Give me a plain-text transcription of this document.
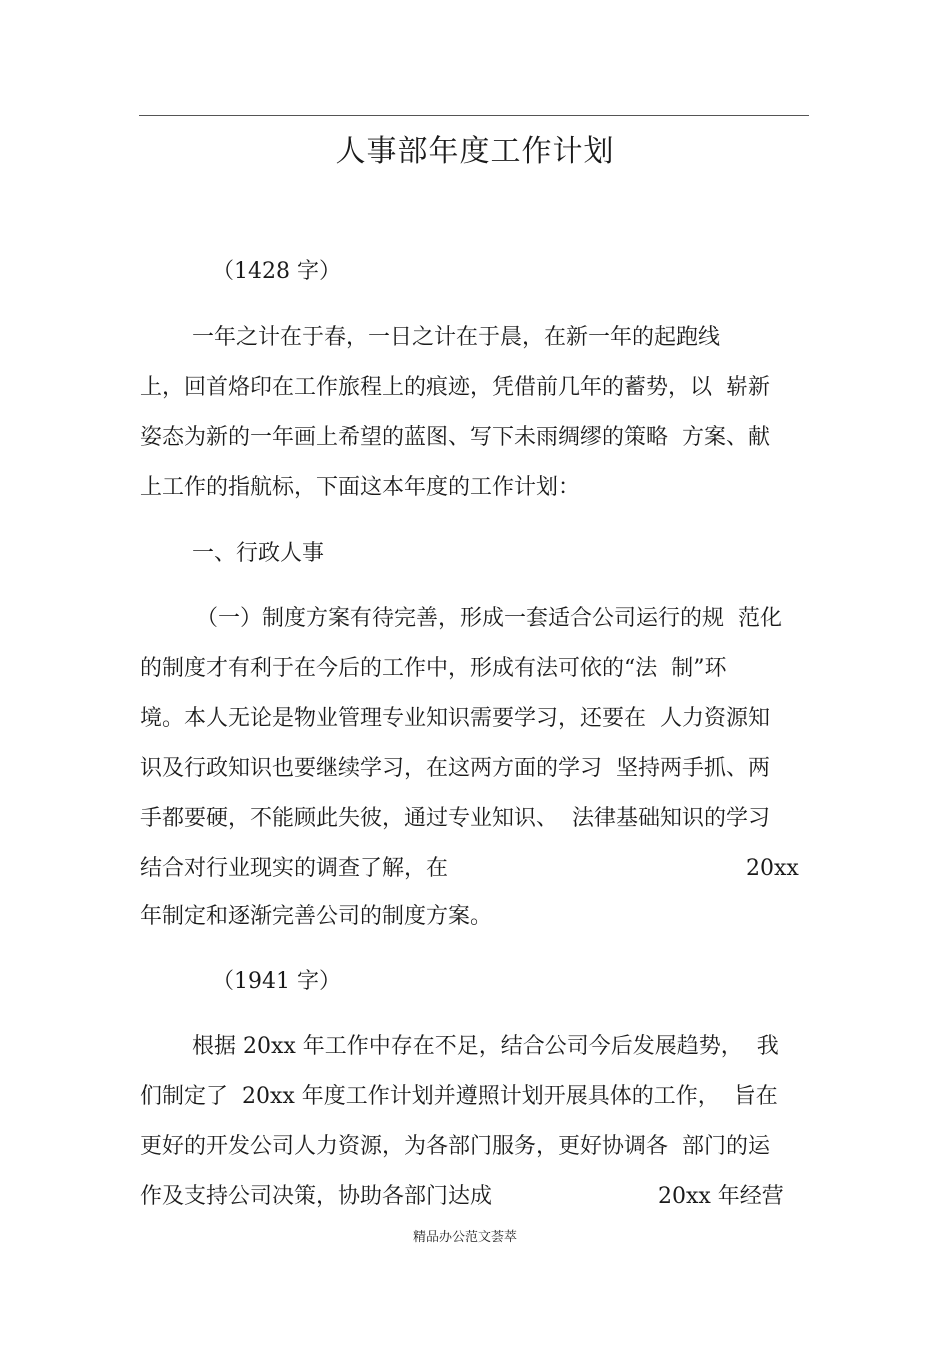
人事部年度工作计划
（1428 字）
一年之计在于春，一日之计在于晨，在新一年的起跑线
上，回首烙印在工作旅程上的痕迹，凭借前几年的蓄势，以  崭新
姿态为新的一年画上希望的蓝图、写下未雨绸缪的策略  方案、献
上工作的指航标，下面这本年度的工作计划：
一、行政人事
（一）制度方案有待完善，形成一套适合公司运行的规  范化
的制度才有利于在今后的工作中，形成有法可依的“法  制”环
境。本人无论是物业管理专业知识需要学习，还要在  人力资源知
识及行政知识也要继续学习，在这两方面的学习  坚持两手抓、两
手都要硬，不能顾此失彼，通过专业知识、  法律基础知识的学习
结合对行业现实的调查了解，在	20xx
年制定和逐渐完善公司的制度方案。
（1941 字）
根据 20xx 年工作中存在不足，结合公司今后发展趋势，  我
们制定了  20xx 年度工作计划并遵照计划开展具体的工作，  旨在
更好的开发公司人力资源，为各部门服务，更好协调各  部门的运
作及支持公司决策，协助各部门达成	20xx 年经营
精品办公范文荟萃
